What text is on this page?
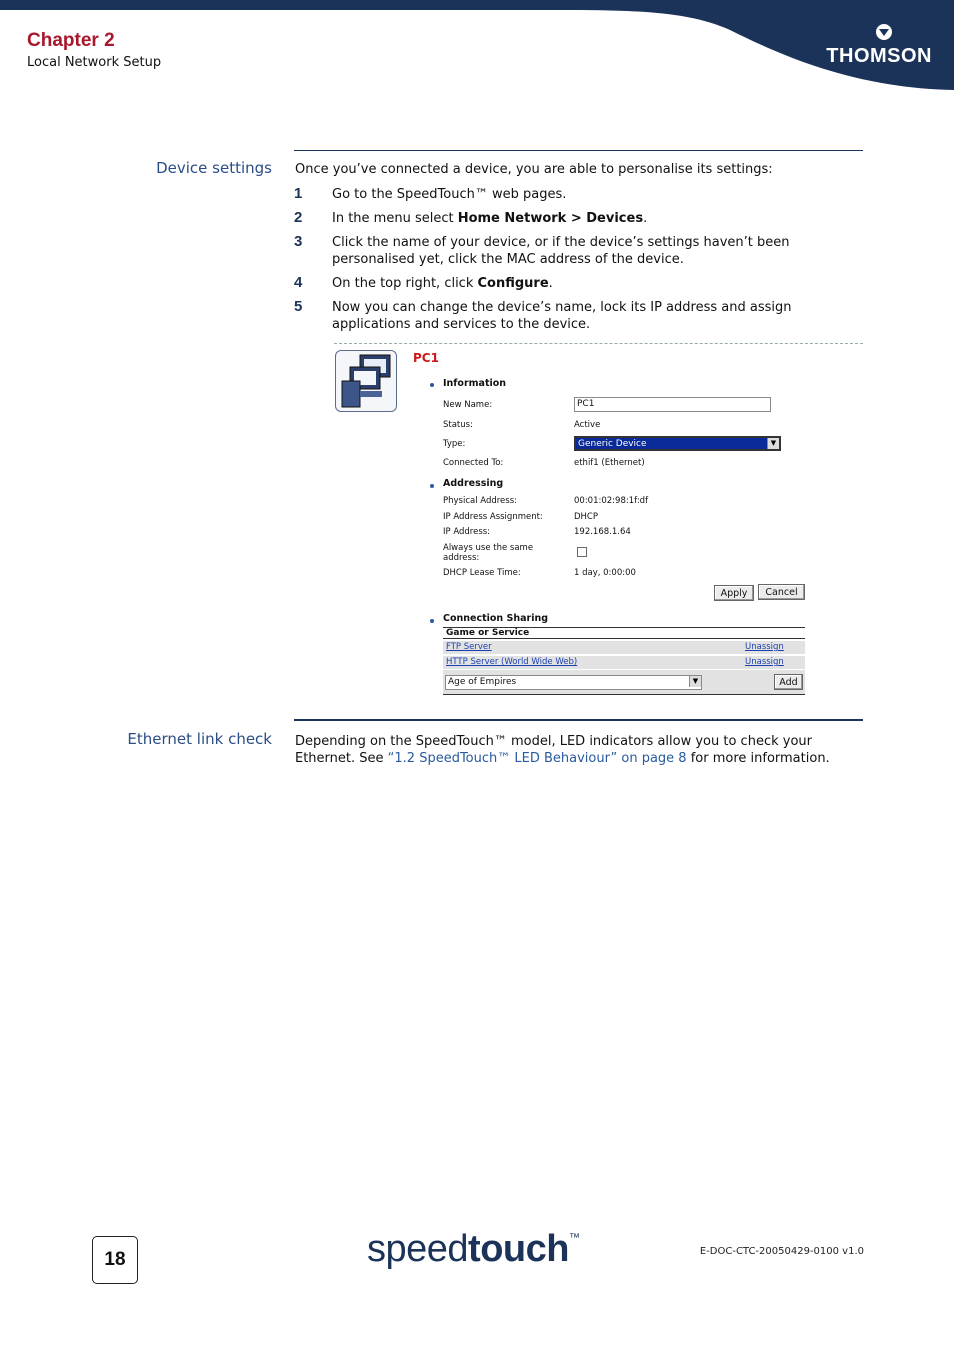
THOMSON
Chapter 2
Local Network Setup
Device settings Once you’ve connected a device, you are able to personalise its settings:
1 Go to the SpeedTouch™ web pages.
2 In the menu select Home Network > Devices.
3 Click the name of your device, or if the device’s settings haven’t been personalised yet, click the MAC address of the device.
4 On the top right, click Configure.
5 Now you can change the device’s name, lock its IP address and assign applications and services to the device.
PC1
Information
New Name:	PC1
Status:	Active
Type:	Generic Device	▼
Connected To:	ethif1 (Ethernet)
Addressing
Physical Address:	00:01:02:98:1f:df
IP Address Assignment:	DHCP
IP Address:	192.168.1.64
Always use the same
address:
DHCP Lease Time:	1 day, 0:00:00
Apply	Cancel
Connection Sharing
Game or Service
FTP Server	Unassign
HTTP Server (World Wide Web)	Unassign
Age of Empires	▼	Add
Ethernet link check Depending on the SpeedTouch™ model, LED indicators allow you to check your
Ethernet. See “1.2 SpeedTouch™ LED Behaviour” on page 8 for more information.
18	speedtouch™
E-DOC-CTC-20050429-0100 v1.0
